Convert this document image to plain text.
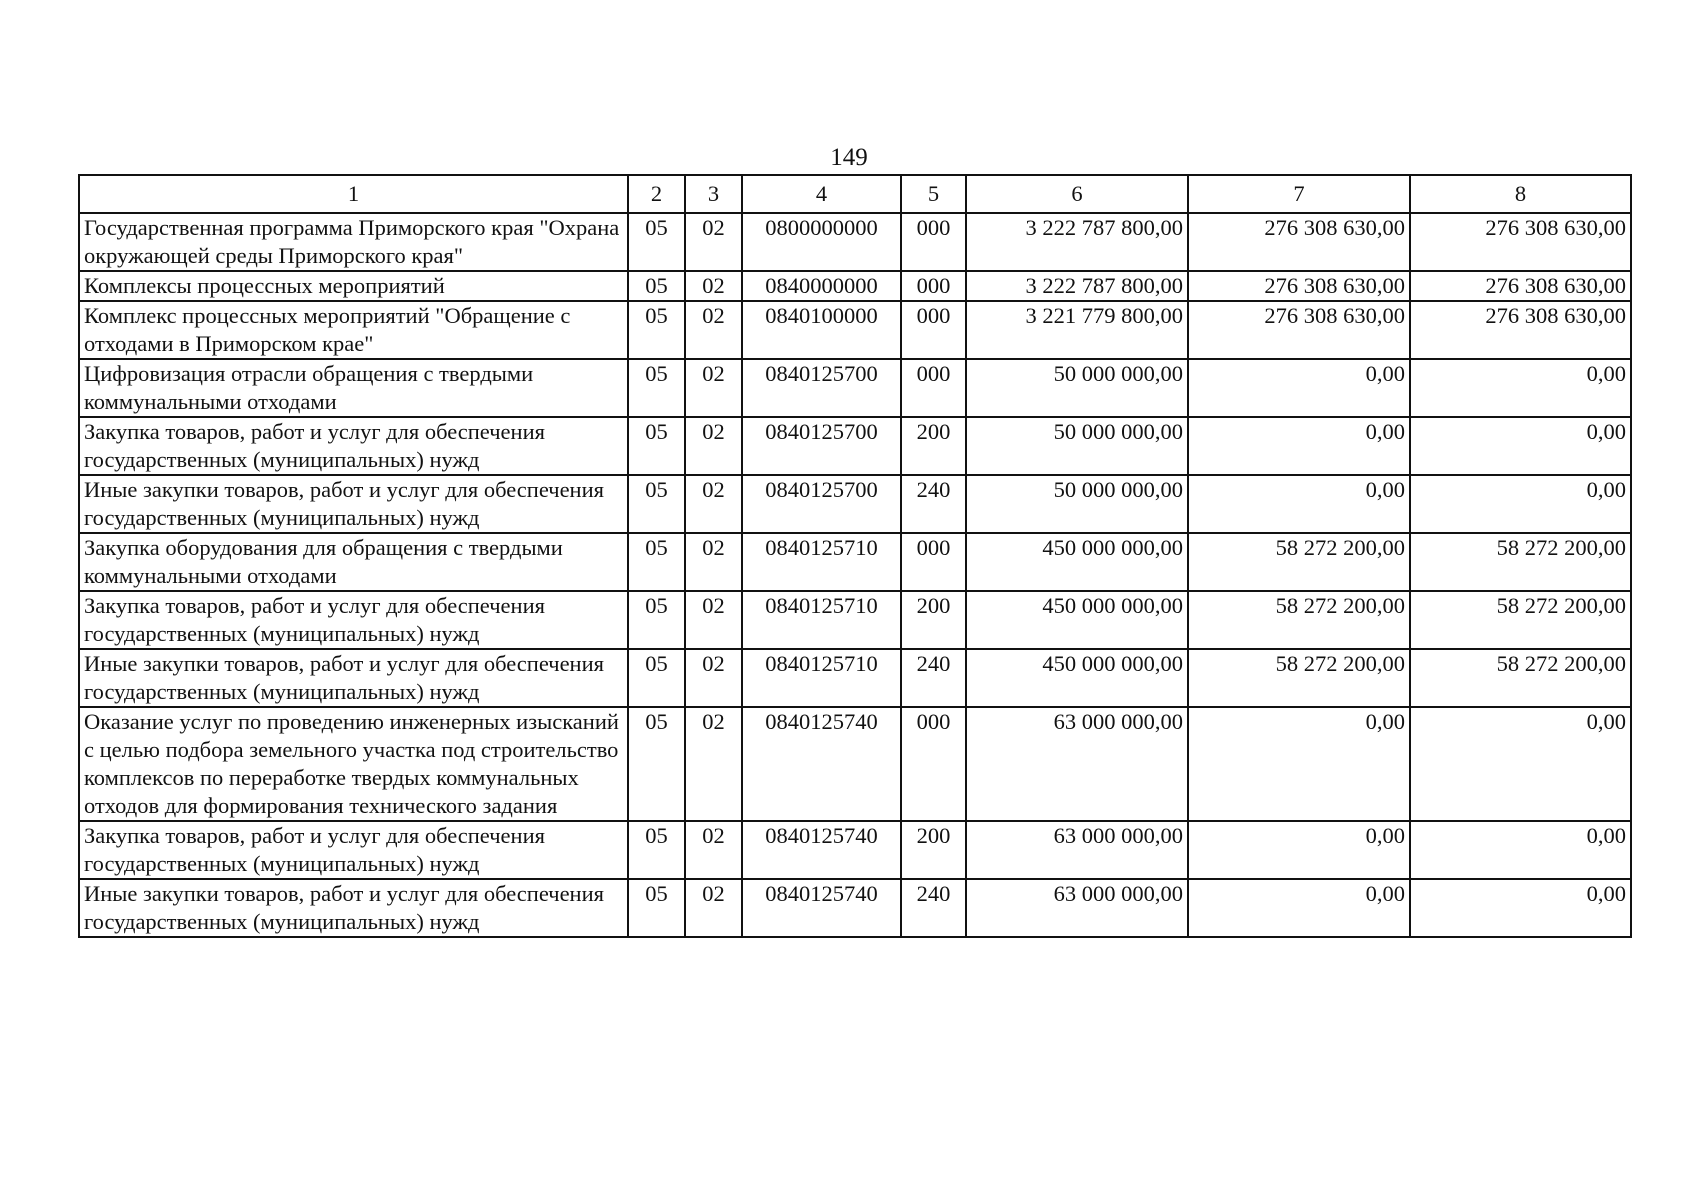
149
1	2	3	4	5	6	7	8
Государственная программа Приморского края "Охрана окружающей среды Приморского края"	05	02	0800000000	000	3 222 787 800,00	276 308 630,00	276 308 630,00
Комплексы процессных мероприятий	05	02	0840000000	000	3 222 787 800,00	276 308 630,00	276 308 630,00
Комплекс процессных мероприятий "Обращение с отходами в Приморском крае"	05	02	0840100000	000	3 221 779 800,00	276 308 630,00	276 308 630,00
Цифровизация отрасли обращения с твердыми коммунальными отходами	05	02	0840125700	000	50 000 000,00	0,00	0,00
Закупка товаров, работ и услуг для обеспечения государственных (муниципальных) нужд	05	02	0840125700	200	50 000 000,00	0,00	0,00
Иные закупки товаров, работ и услуг для обеспечения государственных (муниципальных) нужд	05	02	0840125700	240	50 000 000,00	0,00	0,00
Закупка оборудования для обращения с твердыми коммунальными отходами	05	02	0840125710	000	450 000 000,00	58 272 200,00	58 272 200,00
Закупка товаров, работ и услуг для обеспечения государственных (муниципальных) нужд	05	02	0840125710	200	450 000 000,00	58 272 200,00	58 272 200,00
Иные закупки товаров, работ и услуг для обеспечения государственных (муниципальных) нужд	05	02	0840125710	240	450 000 000,00	58 272 200,00	58 272 200,00
Оказание услуг по проведению инженерных изысканий с целью подбора земельного участка под строительство комплексов по переработке твердых коммунальных отходов для формирования технического задания	05	02	0840125740	000	63 000 000,00	0,00	0,00
Закупка товаров, работ и услуг для обеспечения государственных (муниципальных) нужд	05	02	0840125740	200	63 000 000,00	0,00	0,00
Иные закупки товаров, работ и услуг для обеспечения государственных (муниципальных) нужд	05	02	0840125740	240	63 000 000,00	0,00	0,00
